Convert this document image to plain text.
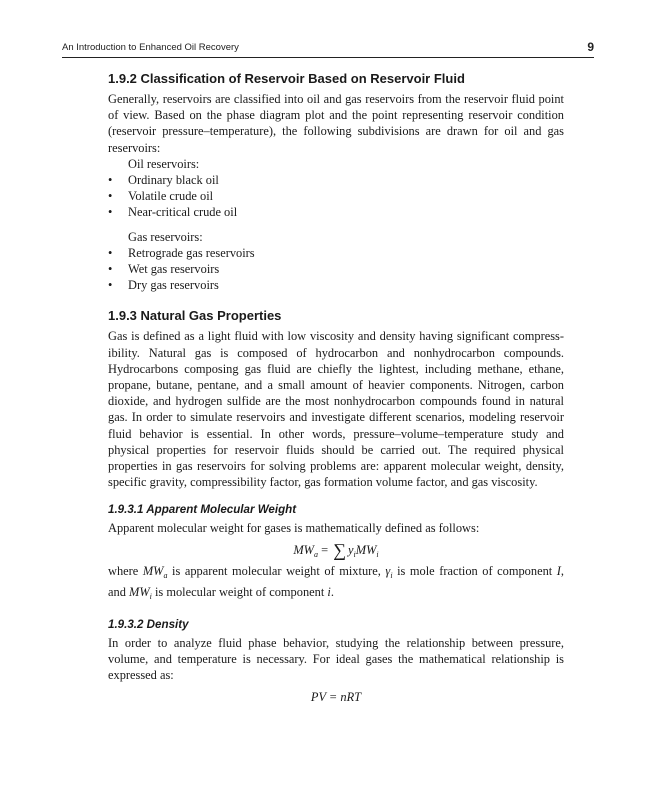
An Introduction to Enhanced Oil Recovery	9
1.9.2 Classification of Reservoir Based on Reservoir Fluid

Generally, reservoirs are classified into oil and gas reservoirs from the reservoir fluid point of view. Based on the phase diagram plot and the point representing reservoir condition (reservoir pressure–temperature), the following subdivisions are drawn for oil and gas reservoirs:

Oil reservoirs:
• Ordinary black oil
• Volatile crude oil
• Near-critical crude oil
Gas reservoirs:
• Retrograde gas reservoirs
• Wet gas reservoirs
• Dry gas reservoirs
1.9.3 Natural Gas Properties

Gas is defined as a light fluid with low viscosity and density having significant compressibility. Natural gas is composed of hydrocarbon and nonhydrocarbon compounds. Hydrocarbons composing gas fluid are chiefly the lightest, including methane, ethane, propane, butane, pentane, and a small amount of heavier components. Nitrogen, carbon dioxide, and hydrogen sulfide are the most nonhydrocarbon compounds found in natural gas. In order to simulate reservoirs and investigate different scenarios, modeling reservoir fluid behavior is essential. In other words, pressure–volume–temperature study and physical properties for reservoir fluids should be carried out. The required physical properties in gas reservoirs for solving problems are: apparent molecular weight, density, specific gravity, compressibility factor, gas formation volume factor, and gas viscosity.

1.9.3.1 Apparent Molecular Weight

Apparent molecular weight for gases is mathematically defined as follows:

$MW_a$ = ∑ $y_iMW_i$

where $MW_a$ is apparent molecular weight of mixture, $\gamma_i$ is mole fraction of component I, and $MW_i$ is molecular weight of component i.

1.9.3.2 Density

In order to analyze fluid phase behavior, studying the relationship between pressure, volume, and temperature is necessary. For ideal gases the mathematical relationship is expressed as:

PV = nRT
